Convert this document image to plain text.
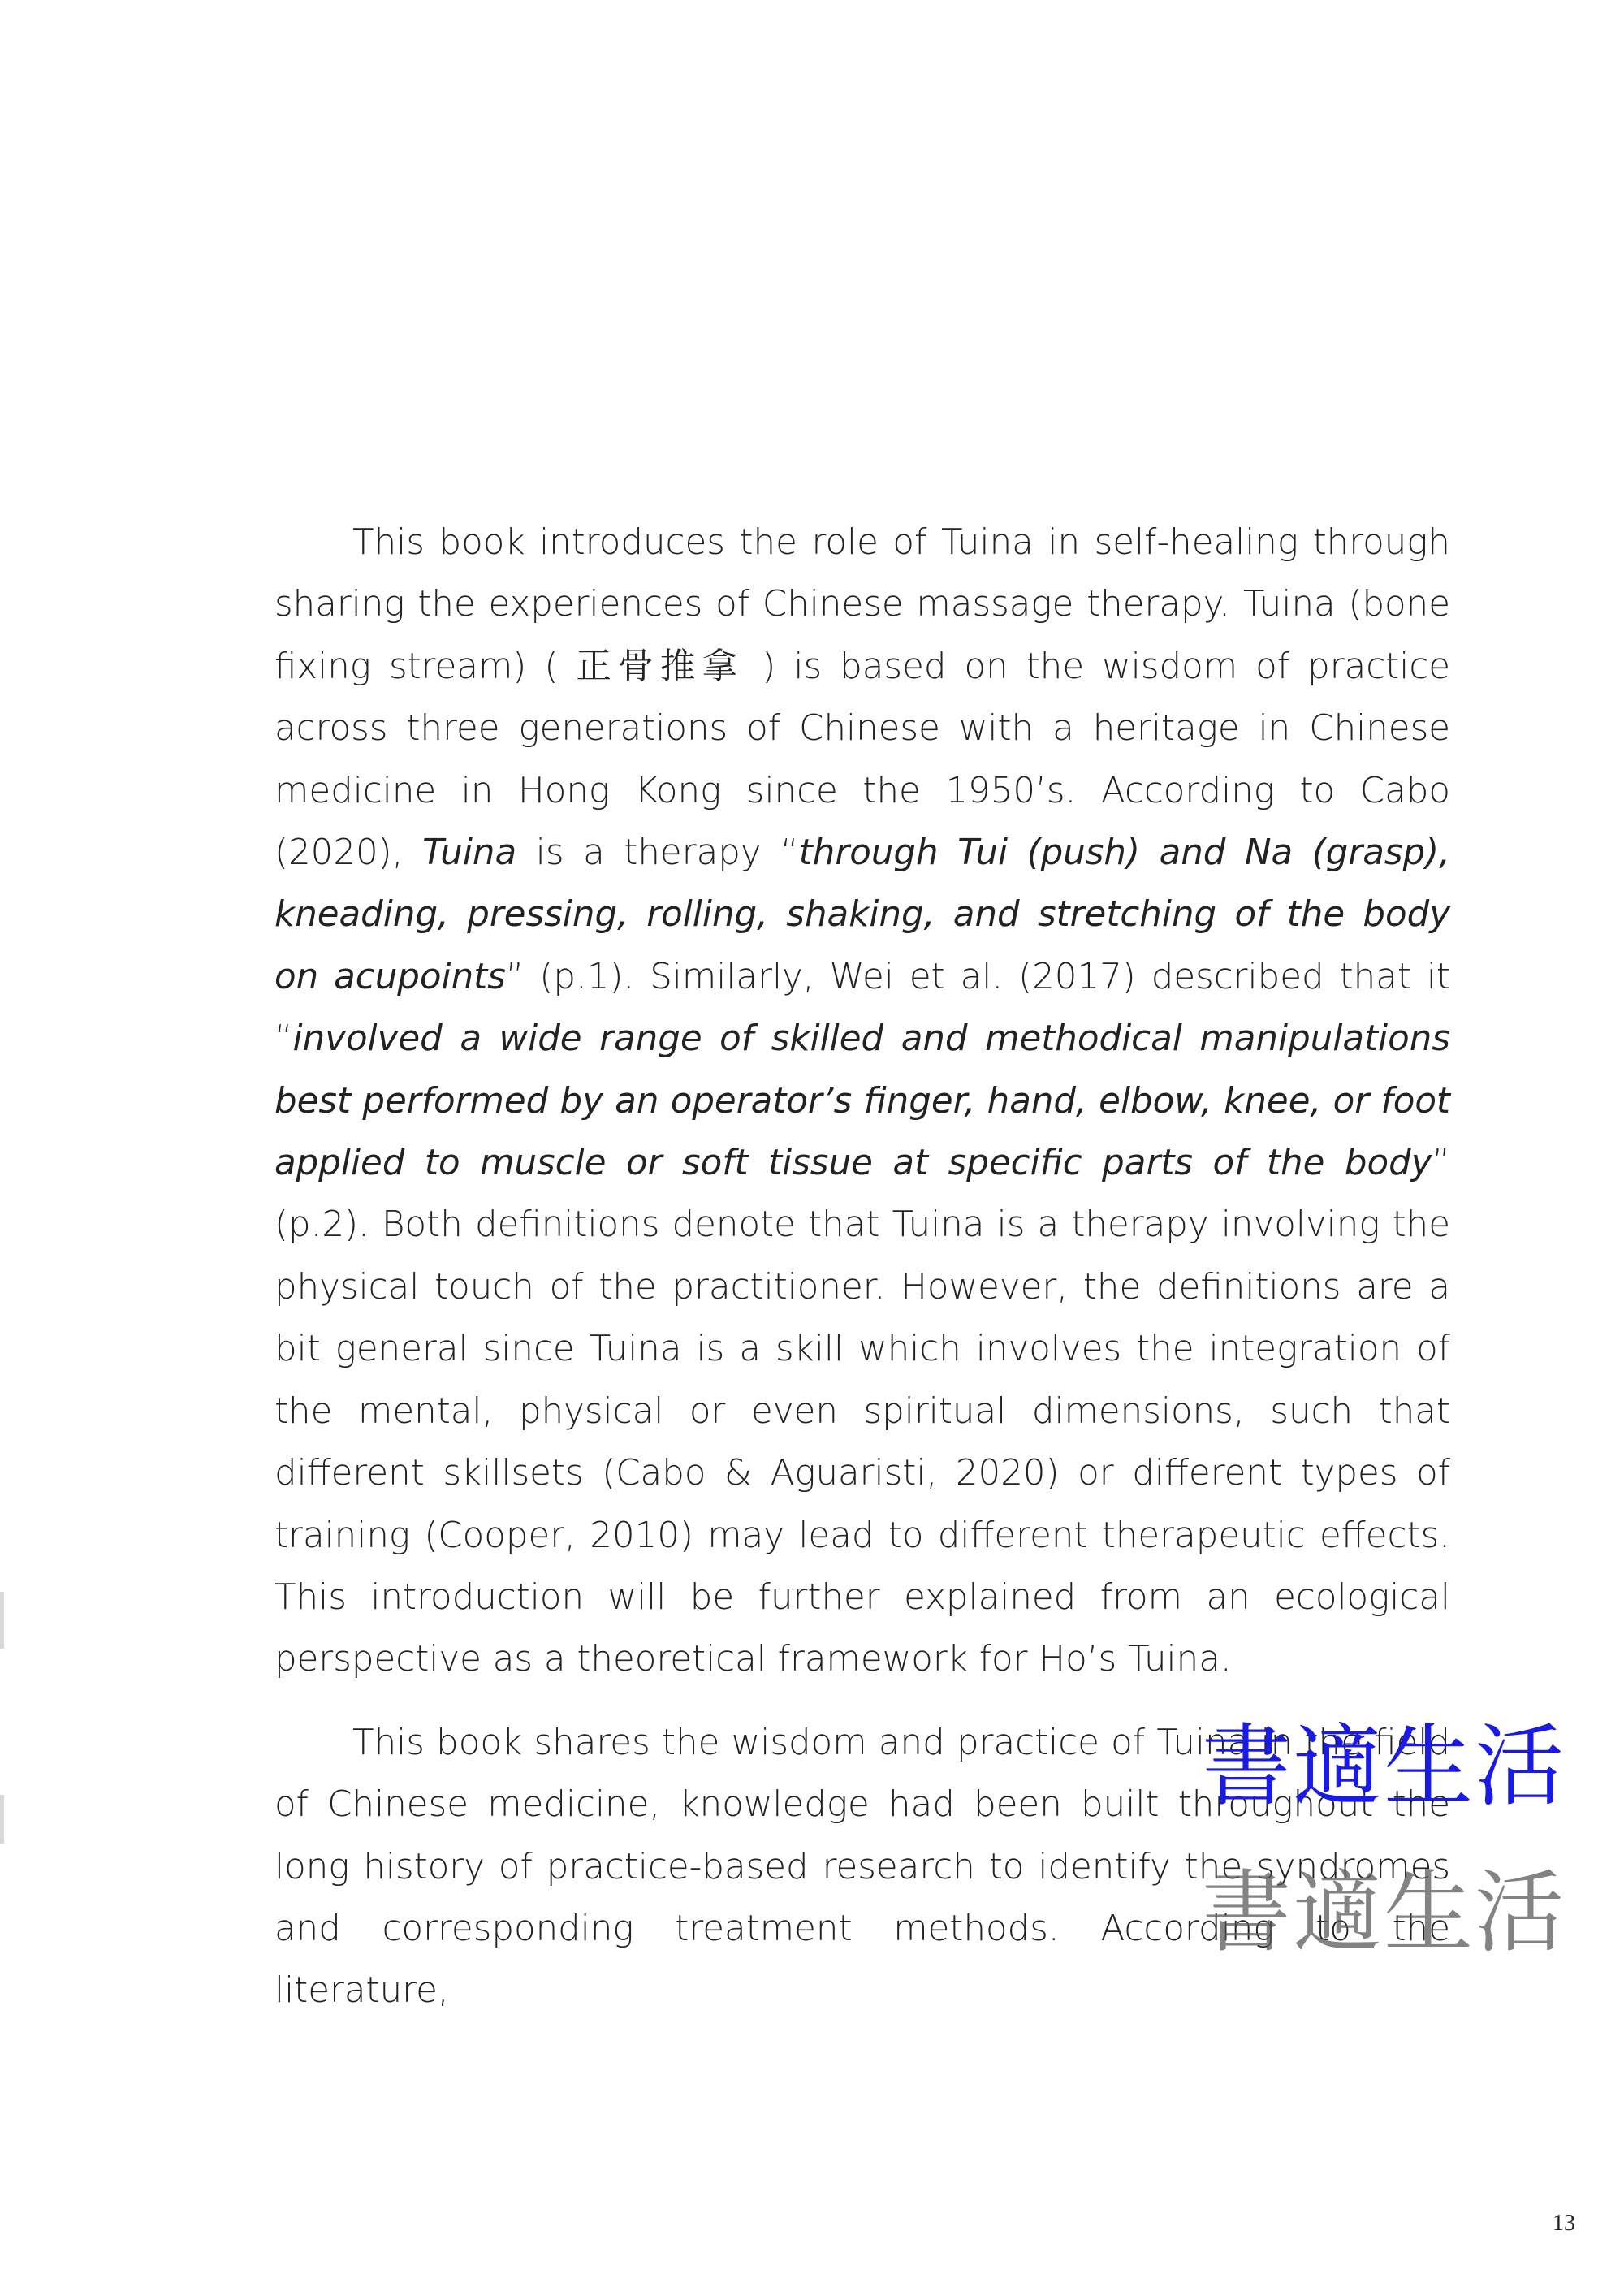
This book introduces the role of Tuina in self-healing through sharing the experiences of Chinese massage therapy. Tuina (bone fixing stream) ( 正骨推拿 ) is based on the wisdom of practice across three generations of Chinese with a heritage in Chinese medicine in Hong Kong since the 1950’s. According to Cabo (2020), Tuina is a therapy “through Tui (push) and Na (grasp), kneading, pressing, rolling, shaking, and stretching of the body on acupoints” (p.1). Similarly, Wei et al. (2017) described that it “involved a wide range of skilled and methodical manipulations best performed by an operator’s finger, hand, elbow, knee, or foot applied to muscle or soft tissue at specific parts of the body” (p.2). Both definitions denote that Tuina is a therapy involving the physical touch of the practitioner. However, the definitions are a bit general since Tuina is a skill which involves the integration of the mental, physical or even spiritual dimensions, such that different skillsets (Cabo & Aguaristi, 2020) or different types of training (Cooper, 2010) may lead to different therapeutic effects. This introduction will be further explained from an ecological perspective as a theoretical framework for Ho’s Tuina.

This book shares the wisdom and practice of Tuina in the field of Chinese medicine, knowledge had been built throughout the long history of practice-based research to identify the syndromes and corresponding treatment methods. According to the literature,

書適生活
書適生活
13
